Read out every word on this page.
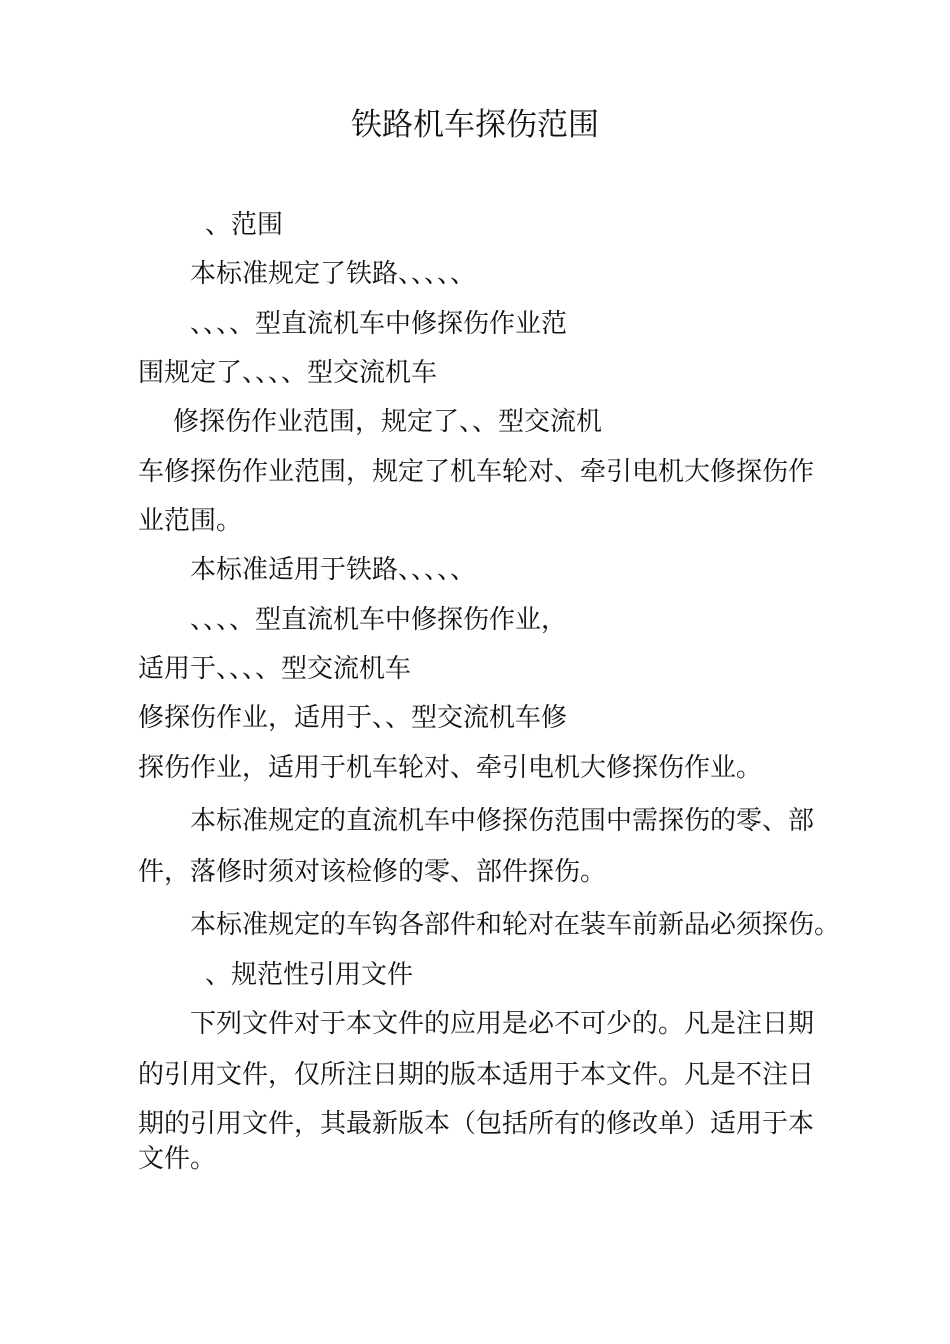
铁路机车探伤范围
、范围
本标准规定了铁路、、、、、
、、、、型直流机车中修探伤作业范
围规定了、、、、型交流机车
修探伤作业范围，规定了、、型交流机
车修探伤作业范围，规定了机车轮对、牵引电机大修探伤作
业范围。
本标准适用于铁路、、、、、
、、、、型直流机车中修探伤作业，
适用于、、、、型交流机车
修探伤作业，适用于、、型交流机车修
探伤作业，适用于机车轮对、牵引电机大修探伤作业。
本标准规定的直流机车中修探伤范围中需探伤的零、部
件，落修时须对该检修的零、部件探伤。
本标准规定的车钩各部件和轮对在装车前新品必须探伤。
、规范性引用文件
下列文件对于本文件的应用是必不可少的。凡是注日期
的引用文件，仅所注日期的版本适用于本文件。凡是不注日
期的引用文件，其最新版本（包括所有的修改单）适用于本
文件。
